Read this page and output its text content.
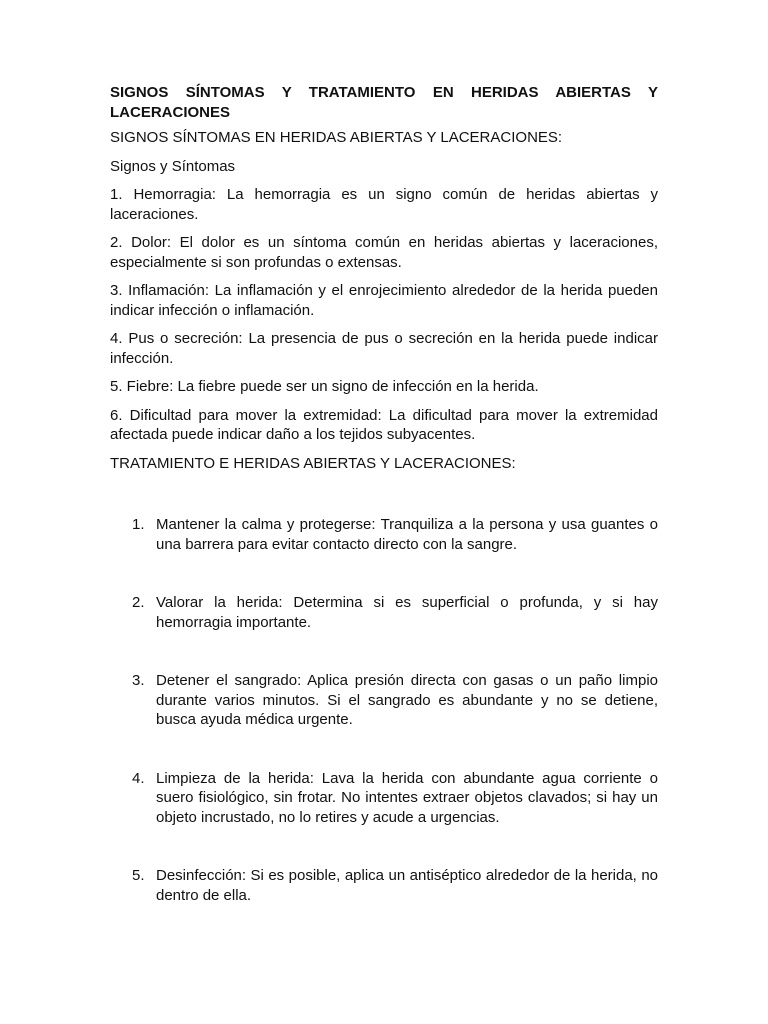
SIGNOS SÍNTOMAS Y TRATAMIENTO EN HERIDAS ABIERTAS Y LACERACIONES

SIGNOS SÍNTOMAS EN HERIDAS ABIERTAS Y LACERACIONES:

Signos y Síntomas

1. Hemorragia: La hemorragia es un signo común de heridas abiertas y laceraciones.

2. Dolor: El dolor es un síntoma común en heridas abiertas y laceraciones, especialmente si son profundas o extensas.

3. Inflamación: La inflamación y el enrojecimiento alrededor de la herida pueden indicar infección o inflamación.

4. Pus o secreción: La presencia de pus o secreción en la herida puede indicar infección.

5. Fiebre: La fiebre puede ser un signo de infección en la herida.

6. Dificultad para mover la extremidad: La dificultad para mover la extremidad afectada puede indicar daño a los tejidos subyacentes.

TRATAMIENTO E HERIDAS ABIERTAS Y LACERACIONES:

1. Mantener la calma y protegerse: Tranquiliza a la persona y usa guantes o una barrera para evitar contacto directo con la sangre.
2. Valorar la herida: Determina si es superficial o profunda, y si hay hemorragia importante.
3. Detener el sangrado: Aplica presión directa con gasas o un paño limpio durante varios minutos. Si el sangrado es abundante y no se detiene, busca ayuda médica urgente.
4. Limpieza de la herida: Lava la herida con abundante agua corriente o suero fisiológico, sin frotar. No intentes extraer objetos clavados; si hay un objeto incrustado, no lo retires y acude a urgencias.
5. Desinfección: Si es posible, aplica un antiséptico alrededor de la herida, no dentro de ella.
